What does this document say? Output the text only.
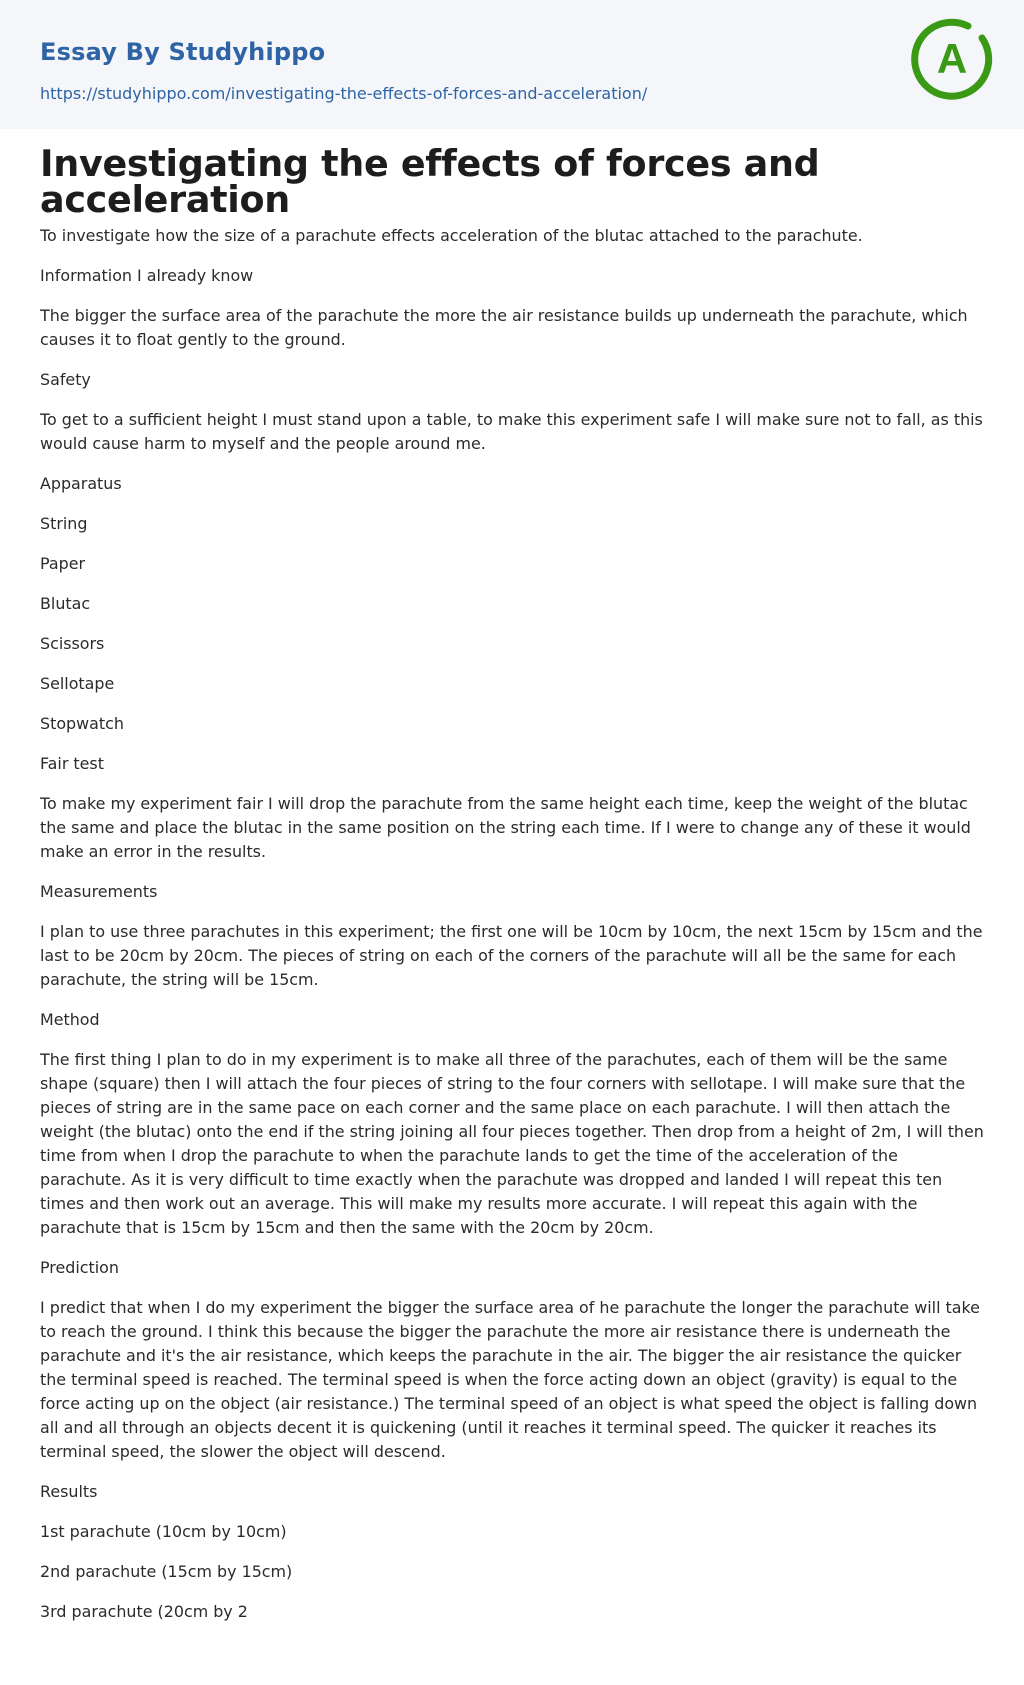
Essay By Studyhippo
https://studyhippo.com/investigating-the-effects-of-forces-and-acceleration/
A
Investigating the effects of forces and acceleration

To investigate how the size of a parachute effects acceleration of the blutac attached to the parachute.

Information I already know

The bigger the surface area of the parachute the more the air resistance builds up underneath the parachute, which causes it to float gently to the ground.

Safety

To get to a sufficient height I must stand upon a table, to make this experiment safe I will make sure not to fall, as this would cause harm to myself and the people around me.

Apparatus

String

Paper

Blutac

Scissors

Sellotape

Stopwatch

Fair test

To make my experiment fair I will drop the parachute from the same height each time, keep the weight of the blutac the same and place the blutac in the same position on the string each time. If I were to change any of these it would make an error in the results.

Measurements

I plan to use three parachutes in this experiment; the first one will be 10cm by 10cm, the next 15cm by 15cm and the last to be 20cm by 20cm. The pieces of string on each of the corners of the parachute will all be the same for each parachute, the string will be 15cm.

Method

The first thing I plan to do in my experiment is to make all three of the parachutes, each of them will be the same shape (square) then I will attach the four pieces of string to the four corners with sellotape. I will make sure that the pieces of string are in the same pace on each corner and the same place on each parachute. I will then attach the weight (the blutac) onto the end if the string joining all four pieces together. Then drop from a height of 2m, I will then time from when I drop the parachute to when the parachute lands to get the time of the acceleration of the parachute. As it is very difficult to time exactly when the parachute was dropped and landed I will repeat this ten times and then work out an average. This will make my results more accurate. I will repeat this again with the parachute that is 15cm by 15cm and then the same with the 20cm by 20cm.

Prediction

I predict that when I do my experiment the bigger the surface area of he parachute the longer the parachute will take to reach the ground. I think this because the bigger the parachute the more air resistance there is underneath the parachute and it's the air resistance, which keeps the parachute in the air. The bigger the air resistance the quicker the terminal speed is reached. The terminal speed is when the force acting down an object (gravity) is equal to the force acting up on the object (air resistance.) The terminal speed of an object is what speed the object is falling down all and all through an objects decent it is quickening (until it reaches it terminal speed. The quicker it reaches its terminal speed, the slower the object will descend.

Results

1st parachute (10cm by 10cm)

2nd parachute (15cm by 15cm)

3rd parachute (20cm by 2
